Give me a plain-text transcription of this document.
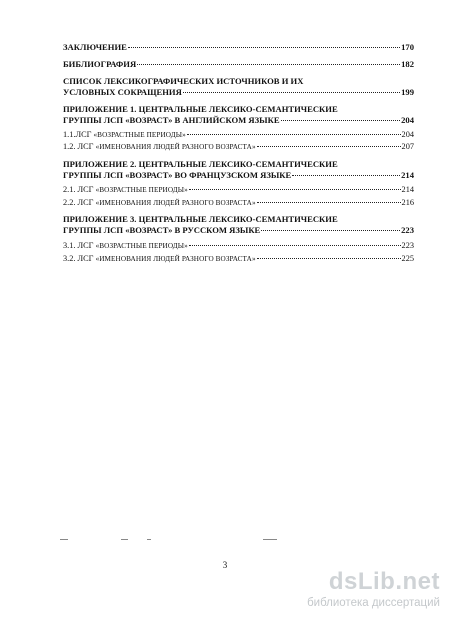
ЗАКЛЮЧЕНИЕ	170
БИБЛИОГРАФИЯ	182
СПИСОК ЛЕКСИКОГРАФИЧЕСКИХ ИСТОЧНИКОВ И ИХ
УСЛОВНЫХ СОКРАЩЕНИЯ	199
ПРИЛОЖЕНИЕ 1. ЦЕНТРАЛЬНЫЕ ЛЕКСИКО-СЕМАНТИЧЕСКИЕ
ГРУППЫ ЛСП «ВОЗРАСТ» В АНГЛИЙСКОМ ЯЗЫКЕ	204
1.1.ЛСГ «ВОЗРАСТНЫЕ ПЕРИОДЫ»	204
1.2. ЛСГ «ИМЕНОВАНИЯ ЛЮДЕЙ РАЗНОГО ВОЗРАСТА»	207
ПРИЛОЖЕНИЕ 2. ЦЕНТРАЛЬНЫЕ ЛЕКСИКО-СЕМАНТИЧЕСКИЕ
ГРУППЫ ЛСП «ВОЗРАСТ» ВО ФРАНЦУЗСКОМ ЯЗЫКЕ	214
2.1. ЛСГ «ВОЗРАСТНЫЕ ПЕРИОДЫ»	214
2.2. ЛСГ «ИМЕНОВАНИЯ ЛЮДЕЙ РАЗНОГО ВОЗРАСТА»	216
ПРИЛОЖЕНИЕ 3. ЦЕНТРАЛЬНЫЕ ЛЕКСИКО-СЕМАНТИЧЕСКИЕ
ГРУППЫ ЛСП «ВОЗРАСТ» В РУССКОМ ЯЗЫКЕ	223
3.1. ЛСГ «ВОЗРАСТНЫЕ ПЕРИОДЫ»	223
3.2. ЛСГ «ИМЕНОВАНИЯ ЛЮДЕЙ РАЗНОГО ВОЗРАСТА»	225
3
dsLib.net
библиотека диссертаций
